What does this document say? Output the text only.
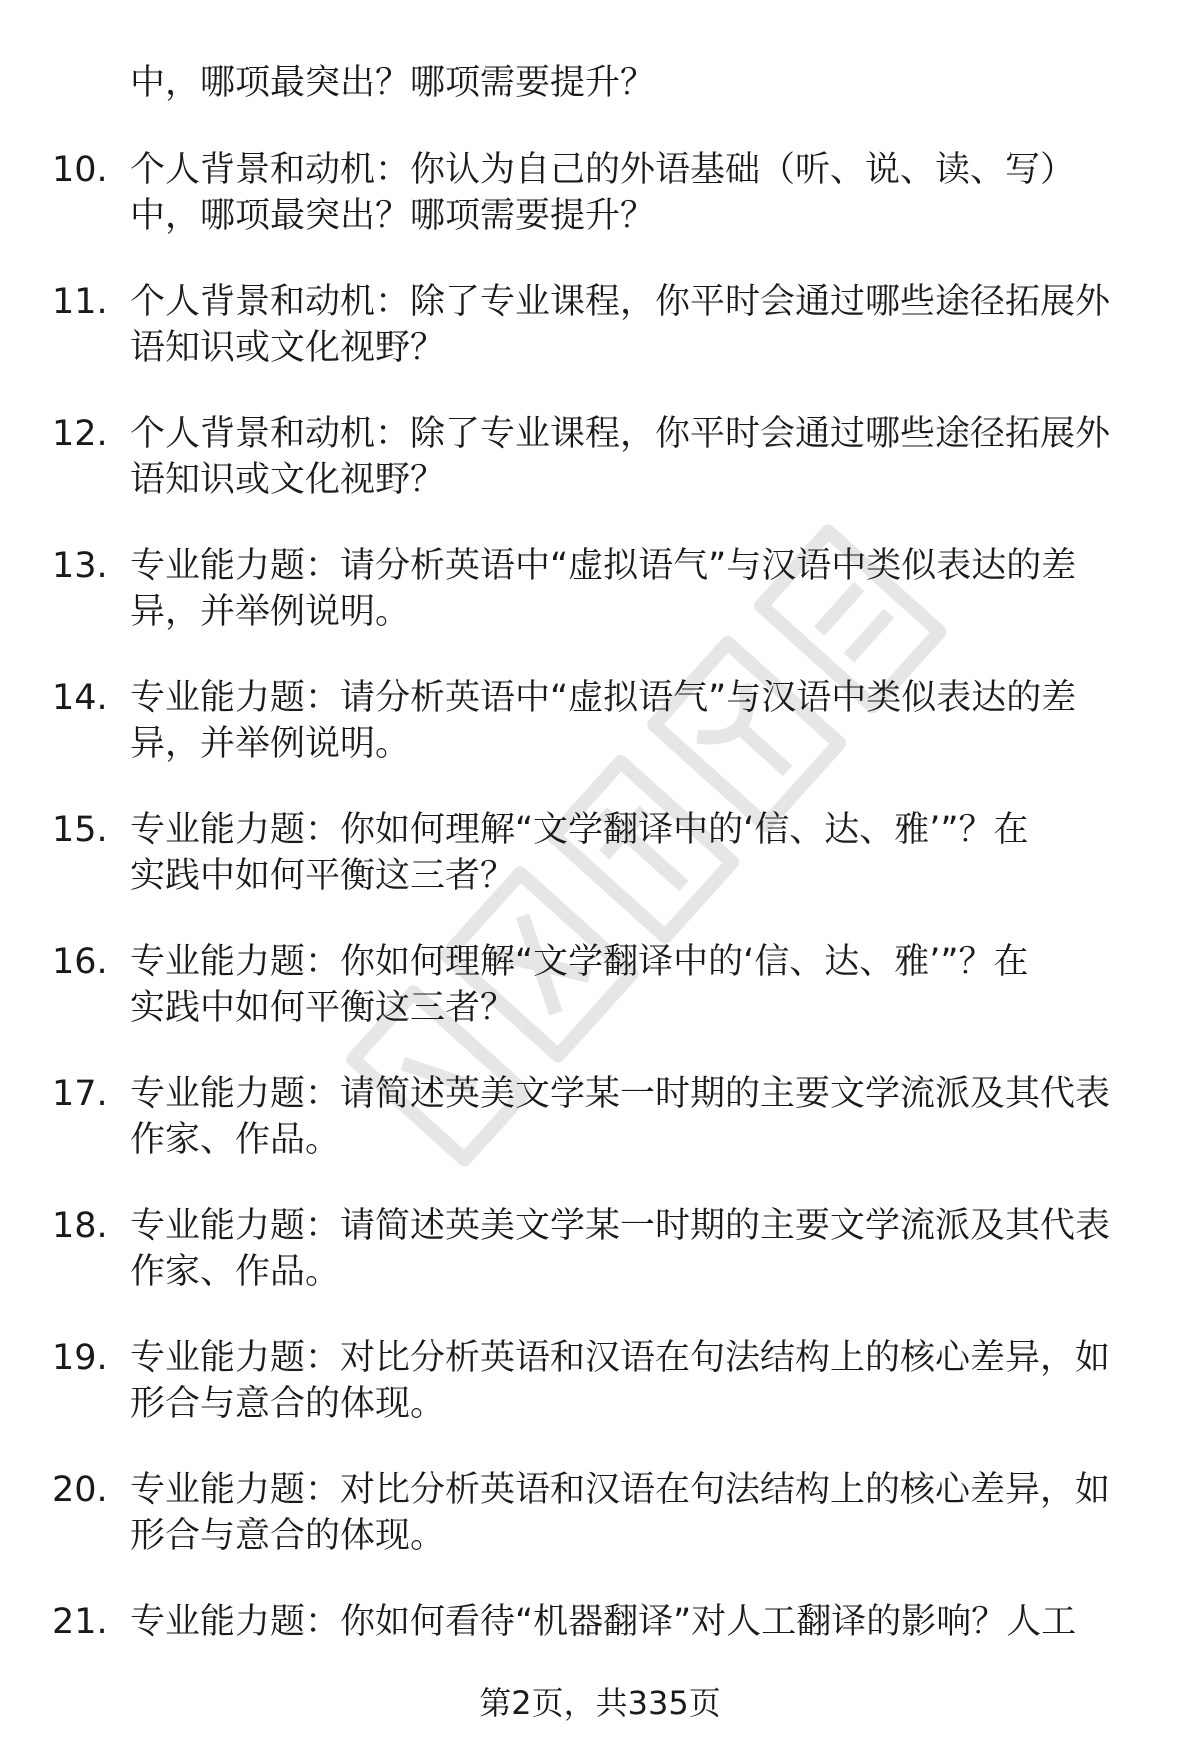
中，哪项最突出？哪项需要提升？

10. 个人背景和动机：你认为自己的外语基础（听、说、读、写）
中，哪项最突出？哪项需要提升？

11. 个人背景和动机：除了专业课程，你平时会通过哪些途径拓展外
语知识或文化视野？

12. 个人背景和动机：除了专业课程，你平时会通过哪些途径拓展外
语知识或文化视野？

13. 专业能力题：请分析英语中“虚拟语气”与汉语中类似表达的差
异，并举例说明。

14. 专业能力题：请分析英语中“虚拟语气”与汉语中类似表达的差
异，并举例说明。

15. 专业能力题：你如何理解“文学翻译中的‘信、达、雅’”？在
实践中如何平衡这三者？

16. 专业能力题：你如何理解“文学翻译中的‘信、达、雅’”？在
实践中如何平衡这三者？

17. 专业能力题：请简述英美文学某一时期的主要文学流派及其代表
作家、作品。

18. 专业能力题：请简述英美文学某一时期的主要文学流派及其代表
作家、作品。

19. 专业能力题：对比分析英语和汉语在句法结构上的核心差异，如
形合与意合的体现。

20. 专业能力题：对比分析英语和汉语在句法结构上的核心差异，如
形合与意合的体现。

21. 专业能力题：你如何看待“机器翻译”对人工翻译的影响？人工

第2页，共335页
